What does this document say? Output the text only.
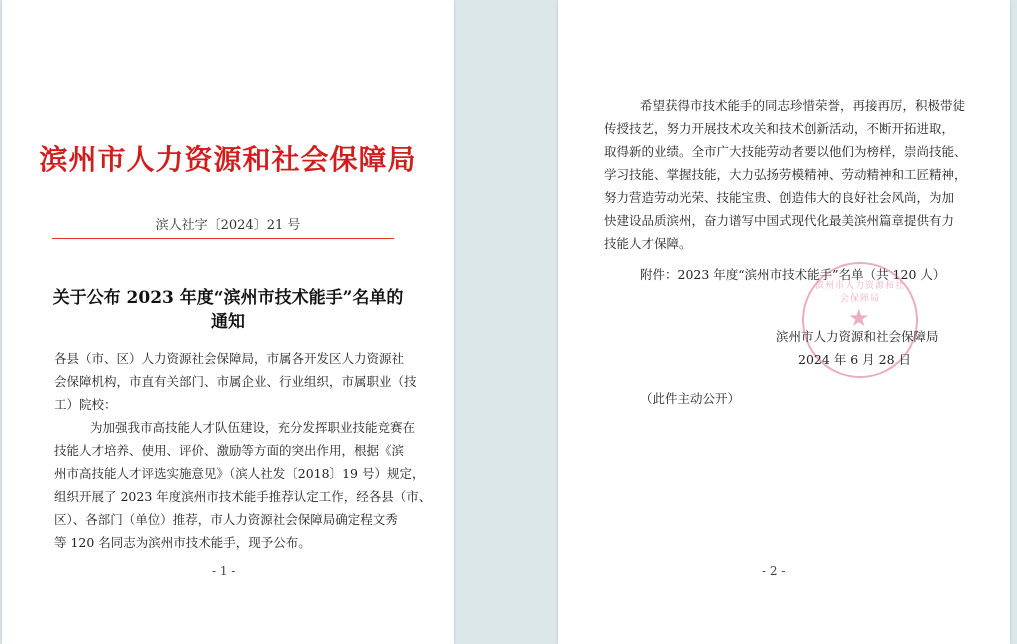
滨州市人力资源和社会保障局
滨人社字〔2024〕21 号
关于公布 2023 年度“滨州市技术能手”名单的
通知
各县（市、区）人力资源社会保障局，市属各开发区人力资源社
会保障机构，市直有关部门、市属企业、行业组织，市属职业（技
工）院校：
为加强我市高技能人才队伍建设，充分发挥职业技能竞赛在
技能人才培养、使用、评价、激励等方面的突出作用，根据《滨
州市高技能人才评选实施意见》（滨人社发〔2018〕19 号）规定，
组织开展了 2023 年度滨州市技术能手推荐认定工作，经各县（市、
区）、各部门（单位）推荐，市人力资源社会保障局确定程文秀
等 120 名同志为滨州市技术能手，现予公布。
- 1 -
希望获得市技术能手的同志珍惜荣誉，再接再厉，积极带徒
传授技艺，努力开展技术攻关和技术创新活动，不断开拓进取，
取得新的业绩。全市广大技能劳动者要以他们为榜样，崇尚技能、
学习技能、掌握技能，大力弘扬劳模精神、劳动精神和工匠精神，
努力营造劳动光荣、技能宝贵、创造伟大的良好社会风尚，为加
快建设品质滨州，奋力谱写中国式现代化最美滨州篇章提供有力
技能人才保障。
附件：2023 年度“滨州市技术能手”名单（共 120 人）
滨州市人力资源和社会保障局
★
滨州市人力资源和社会保障局
2024 年 6 月 28 日
（此件主动公开）
- 2 -
